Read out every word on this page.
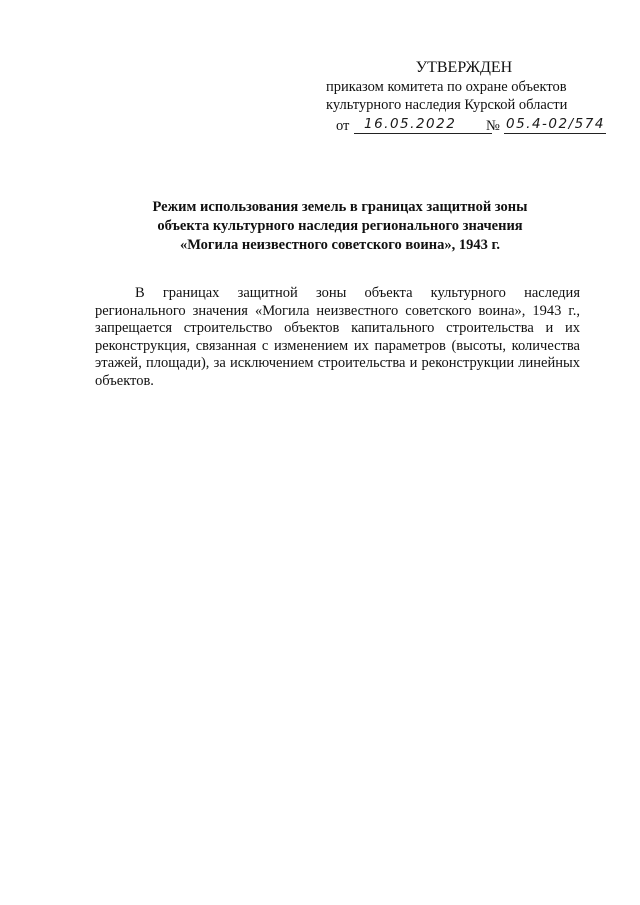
УТВЕРЖДЕН
приказом комитета по охране объектов
культурного наследия Курской области
от 16.05.2022 № 05.4-02/574
Режим использования земель в границах защитной зоны
объекта культурного наследия регионального значения
«Могила неизвестного советского воина», 1943 г.
В границах защитной зоны объекта культурного наследия регионального значения «Могила неизвестного советского воина», 1943 г., запрещается строительство объектов капитального строительства и их реконструкция, связанная с изменением их параметров (высоты, количества этажей, площади), за исключением строительства и реконструкции линейных объектов.
